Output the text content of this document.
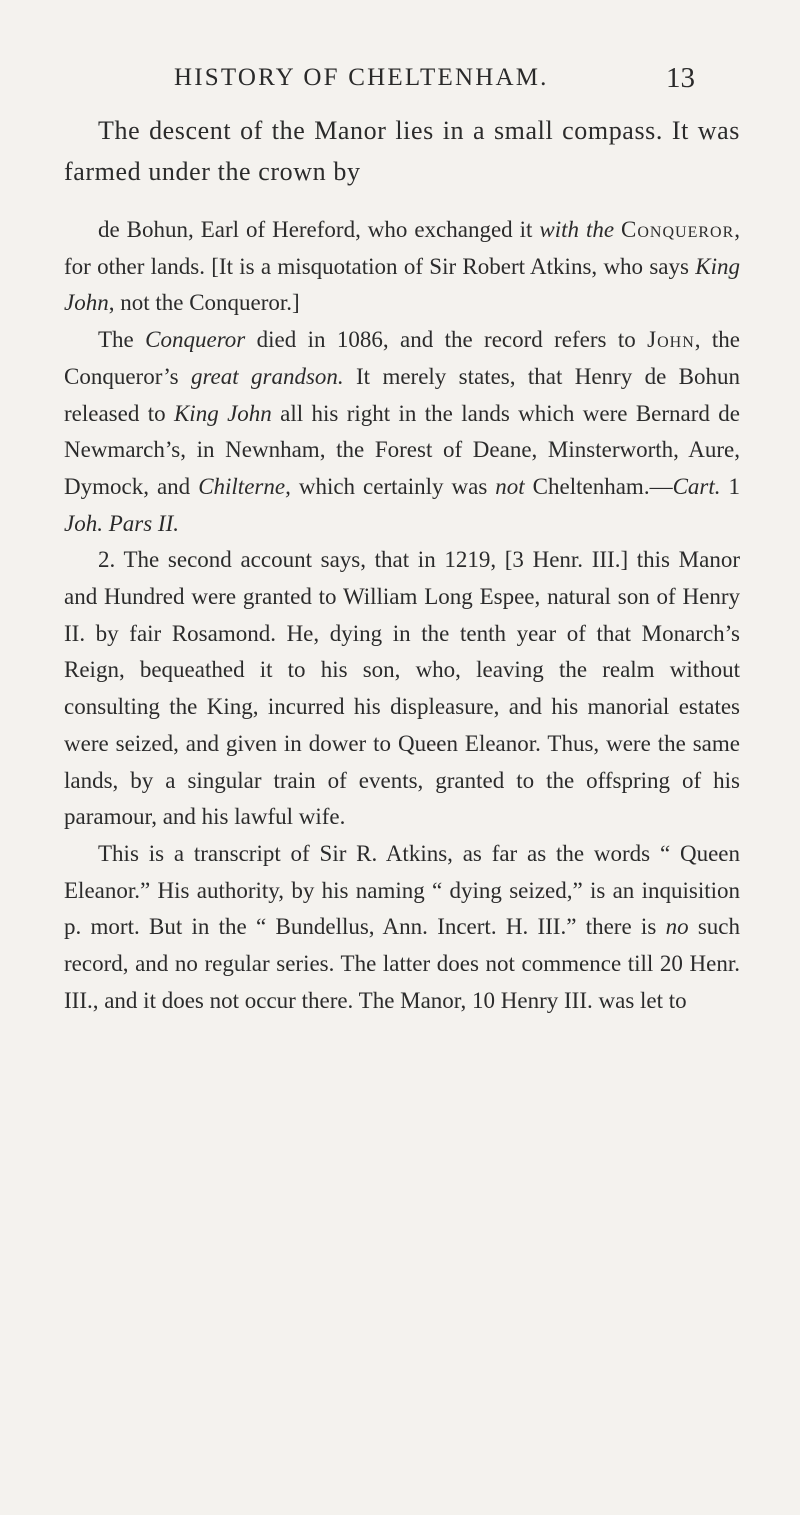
HISTORY OF CHELTENHAM.	13

The descent of the Manor lies in a small compass. It was farmed under the crown by

de Bohun, Earl of Hereford, who exchanged it with the Conqueror, for other lands. [It is a misquotation of Sir Robert Atkins, who says King John, not the Conqueror.]

The Conqueror died in 1086, and the record refers to John, the Conqueror’s great grandson. It merely states, that Henry de Bohun released to King John all his right in the lands which were Bernard de Newmarch’s, in Newnham, the Forest of Deane, Minsterworth, Aure, Dymock, and Chilterne, which certainly was not Cheltenham.—Cart. 1 Joh. Pars II.

2. The second account says, that in 1219, [3 Henr. III.] this Manor and Hundred were granted to William Long Espee, natural son of Henry II. by fair Rosamond. He, dying in the tenth year of that Monarch’s Reign, bequeathed it to his son, who, leaving the realm without consulting the King, incurred his displeasure, and his manorial estates were seized, and given in dower to Queen Eleanor. Thus, were the same lands, by a singular train of events, granted to the offspring of his paramour, and his lawful wife.

This is a transcript of Sir R. Atkins, as far as the words “ Queen Eleanor.” His authority, by his naming “ dying seized,” is an inquisition p. mort. But in the “ Bundellus, Ann. Incert. H. III.” there is no such record, and no regular series. The latter does not commence till 20 Henr. III., and it does not occur there. The Manor, 10 Henry III. was let to
